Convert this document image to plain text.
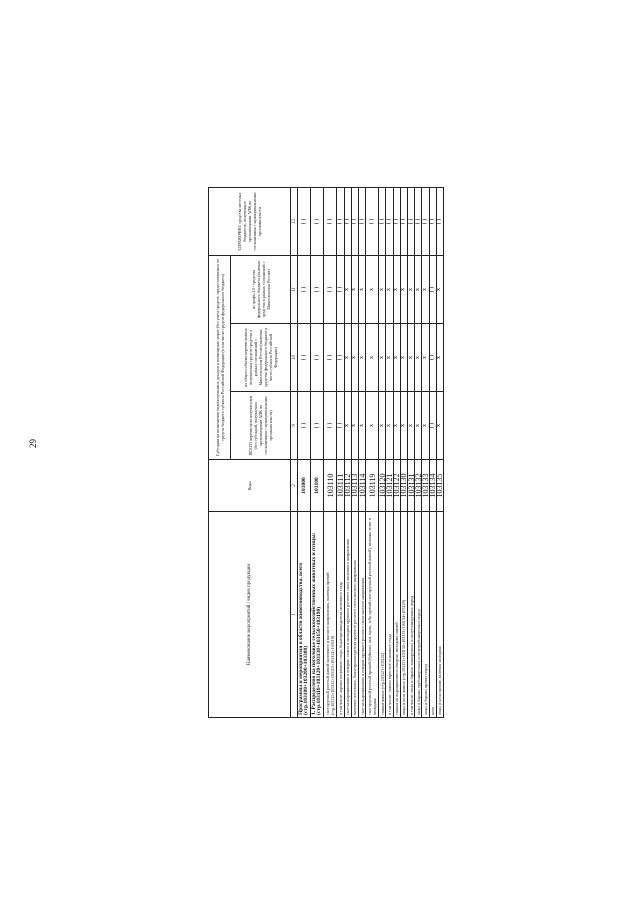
29
Наименование мероприятий / видов продукции	Коды	Субсидии на возмещение недополученных доходов и возмещение затрат (без учета средств, предоставляемых из средств бюджета субъекта Российской Федерации (в том числе средств федерального бюджета)			СПРАВОЧНО: средства местных бюджетов, полученные организациями АПК по соглашениям с муниципальными органами власти
		ВСЕГО перечислено получателям (без субсидий, получаемых организациями АПК по соглашениям с муниципальными органами власти)	из общего объема перечисленных получателям средств средства в рамках соглашений с Минсельхозом России (включая средства федерального бюджета в части субъекта Российской Федерации)	из графы 10 - средства федерального бюджета (включая средства в рамках соглашений с Минсельхозом России)	
1	2	9	10	11	12
Программы и мероприятия в области животноводства, всего (стр.103100+103200+103300)	103000	( )	( )	( )	( )
1. Распределено на поголовье сельскохозяйственных животных и птицы: (стр.103110+103120+103130+103150+103190)	103100	( )	( )	( )	( )
скот крупный рогатый живой молочного и мясного направления, включая прочий (стр.103111+103112+103113+103114+103119)	103110	( )	( )	( )	( )
в том числе: коровы молочного стада, быки-производители молочного стада	103111	( )	( )	( )	( )
скот на выращивании и откорме, телята и молодняк крупного рогатого скота молочного направления	103112	x	x	x	( )
маточное поголовье, быки-производители крупного рогатого скота мясного направления	103113	x	x	x	( )
скот на выращивании и откорме крупного рогатого скота мясного направления	103114	x	x	x	( )
скот крупный рогатый прочий (буйволы, яки, мулы, зебу, прочий скот крупный рогатый живой), включая телят и молодняк	103119	x	x	x	( )
свиньи живые (стр.103121+103122)	103120	x	x	x	( )
в том числе: свиньи взрослые основного стада	103121	x	x	x	( )
свиньи на выращивании и откорме, молодняк свиней	103122	x	x	x	( )
овцы и козы живые (стр.103131+103132+103133+103134+103139)	103130	x	x	x	( )
в том числе: овцы и бараны тонкорунных и полутонкорунных пород	103131	x	x	x	( )
овцы и бараны грубошерстных и полугрубошерстных пород	103132	x	x	x	( )
овцы и бараны прочих пород	103133	x	x	x	( )
козы	103134	( )	( )	( )	( )
овцы и козы прочие, включая молодняк	103135	x	x	x	( )
